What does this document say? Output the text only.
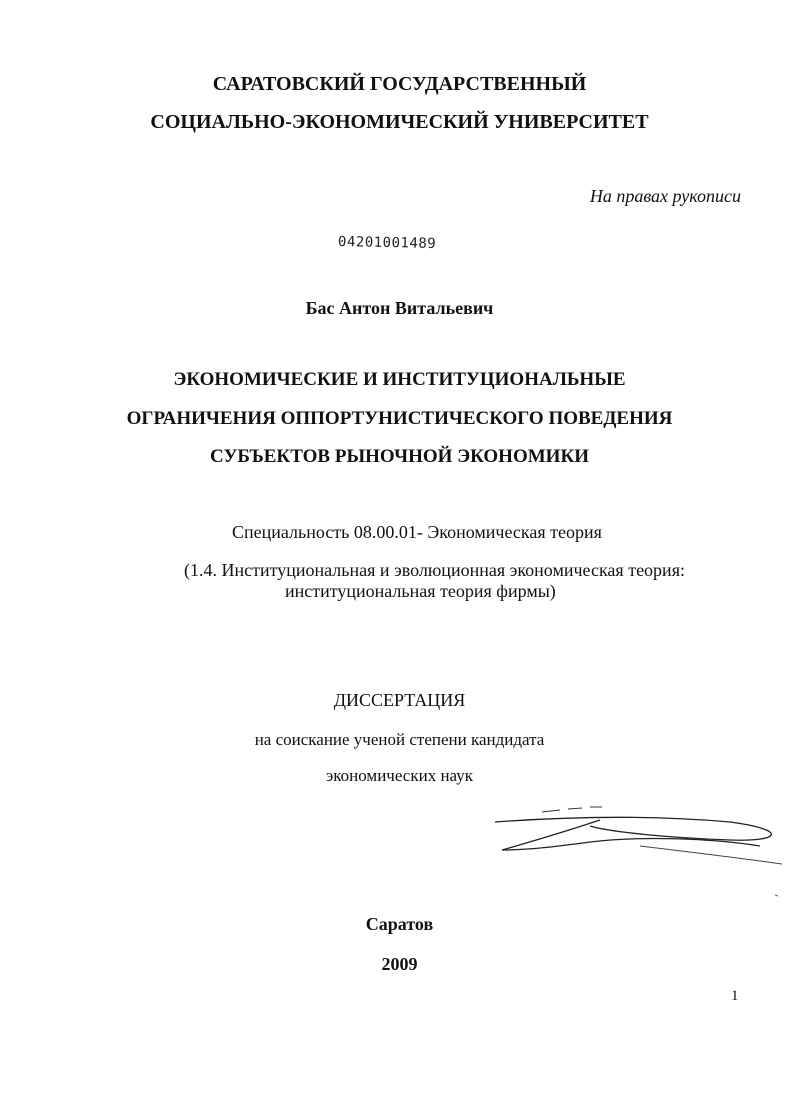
САРАТОВСКИЙ ГОСУДАРСТВЕННЫЙ
СОЦИАЛЬНО-ЭКОНОМИЧЕСКИЙ УНИВЕРСИТЕТ
На правах рукописи
04201001489
Бас Антон Витальевич
ЭКОНОМИЧЕСКИЕ И ИНСТИТУЦИОНАЛЬНЫЕ
ОГРАНИЧЕНИЯ ОППОРТУНИСТИЧЕСКОГО ПОВЕДЕНИЯ
СУБЪЕКТОВ РЫНОЧНОЙ ЭКОНОМИКИ
Специальность 08.00.01- Экономическая теория
(1.4. Институциональная и эволюционная экономическая теория:
институциональная теория фирмы)
ДИССЕРТАЦИЯ
на соискание ученой степени кандидата
экономических наук
Саратов
2009
1
